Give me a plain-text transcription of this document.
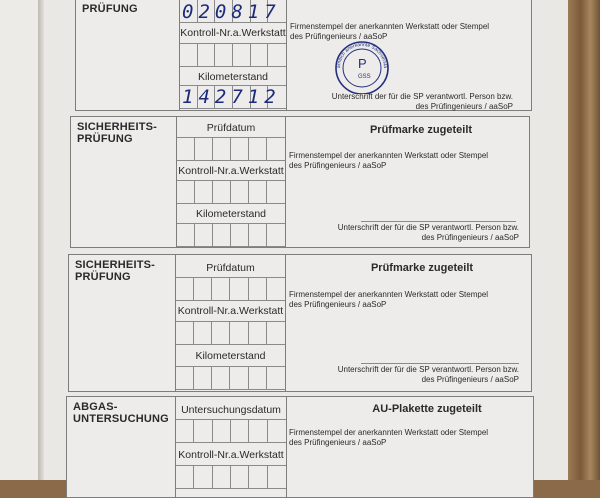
PRÜFUNG
Kontroll-Nr.a.Werkstatt
Kilometerstand
020817
142712
Firmenstempel der anerkannten Werkstatt oder Stempel des Prüfingenieurs / aaSoP
Unterschrift der für die SP verantwortl. Person bzw. des Prüfingenieurs / aaSoP
amtlich anerkannte Sachverstä
P
GSS
SICHERHEITS-PRÜFUNG
Prüfdatum
Kontroll-Nr.a.Werkstatt
Kilometerstand
Prüfmarke zugeteilt
Firmenstempel der anerkannten Werkstatt oder Stempel des Prüfingenieurs / aaSoP
Unterschrift der für die SP verantwortl. Person bzw. des Prüfingenieurs / aaSoP
SICHERHEITS-PRÜFUNG
Prüfdatum
Kontroll-Nr.a.Werkstatt
Kilometerstand
Prüfmarke zugeteilt
Firmenstempel der anerkannten Werkstatt oder Stempel des Prüfingenieurs / aaSoP
Unterschrift der für die SP verantwortl. Person bzw. des Prüfingenieurs / aaSoP
ABGAS-UNTERSUCHUNG
Untersuchungsdatum
Kontroll-Nr.a.Werkstatt
AU-Plakette zugeteilt
Firmenstempel der anerkannten Werkstatt oder Stempel des Prüfingenieurs / aaSoP
